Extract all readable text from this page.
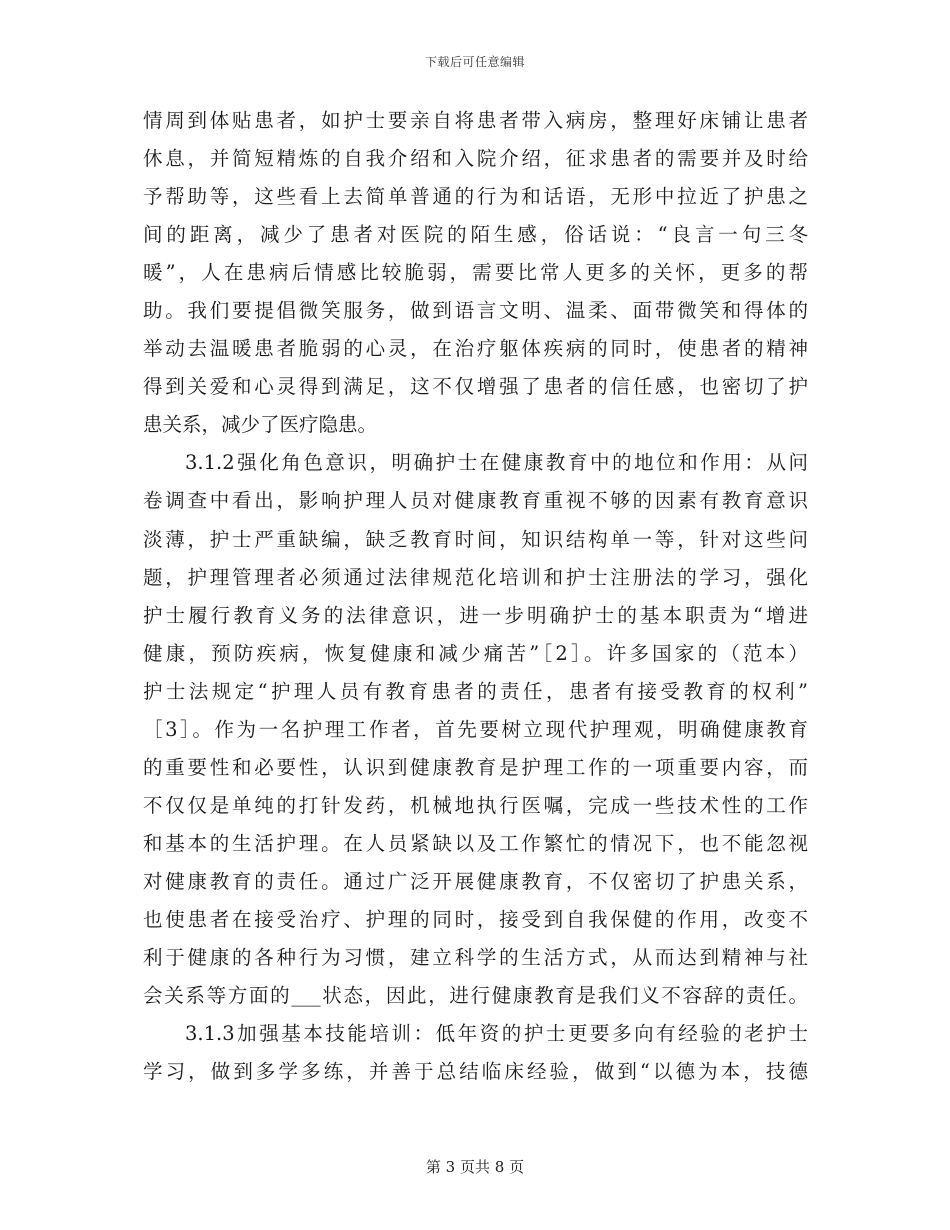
下载后可任意编辑
情周到体贴患者，如护士要亲自将患者带入病房，整理好床铺让患者
休息，并简短精炼的自我介绍和入院介绍，征求患者的需要并及时给
予帮助等，这些看上去简单普通的行为和话语，无形中拉近了护患之
间的距离，减少了患者对医院的陌生感，俗话说：“良言一句三冬
暖”，人在患病后情感比较脆弱，需要比常人更多的关怀，更多的帮
助。我们要提倡微笑服务，做到语言文明、温柔、面带微笑和得体的
举动去温暖患者脆弱的心灵，在治疗躯体疾病的同时，使患者的精神
得到关爱和心灵得到满足，这不仅增强了患者的信任感，也密切了护
患关系，减少了医疗隐患。
3.1.2强化角色意识，明确护士在健康教育中的地位和作用：从问
卷调查中看出，影响护理人员对健康教育重视不够的因素有教育意识
淡薄，护士严重缺编，缺乏教育时间，知识结构单一等，针对这些问
题，护理管理者必须通过法律规范化培训和护士注册法的学习，强化
护士履行教育义务的法律意识，进一步明确护士的基本职责为“增进
健康，预防疾病，恢复健康和减少痛苦”［2］。许多国家的（范本）
护士法规定“护理人员有教育患者的责任，患者有接受教育的权利”
［3］。作为一名护理工作者，首先要树立现代护理观，明确健康教育
的重要性和必要性，认识到健康教育是护理工作的一项重要内容，而
不仅仅是单纯的打针发药，机械地执行医嘱，完成一些技术性的工作
和基本的生活护理。在人员紧缺以及工作繁忙的情况下，也不能忽视
对健康教育的责任。通过广泛开展健康教育，不仅密切了护患关系，
也使患者在接受治疗、护理的同时，接受到自我保健的作用，改变不
利于健康的各种行为习惯，建立科学的生活方式，从而达到精神与社
会关系等方面的___状态，因此，进行健康教育是我们义不容辞的责任。
3.1.3加强基本技能培训：低年资的护士更要多向有经验的老护士
学习，做到多学多练，并善于总结临床经验，做到“以德为本，技德
第 3 页共 8 页
